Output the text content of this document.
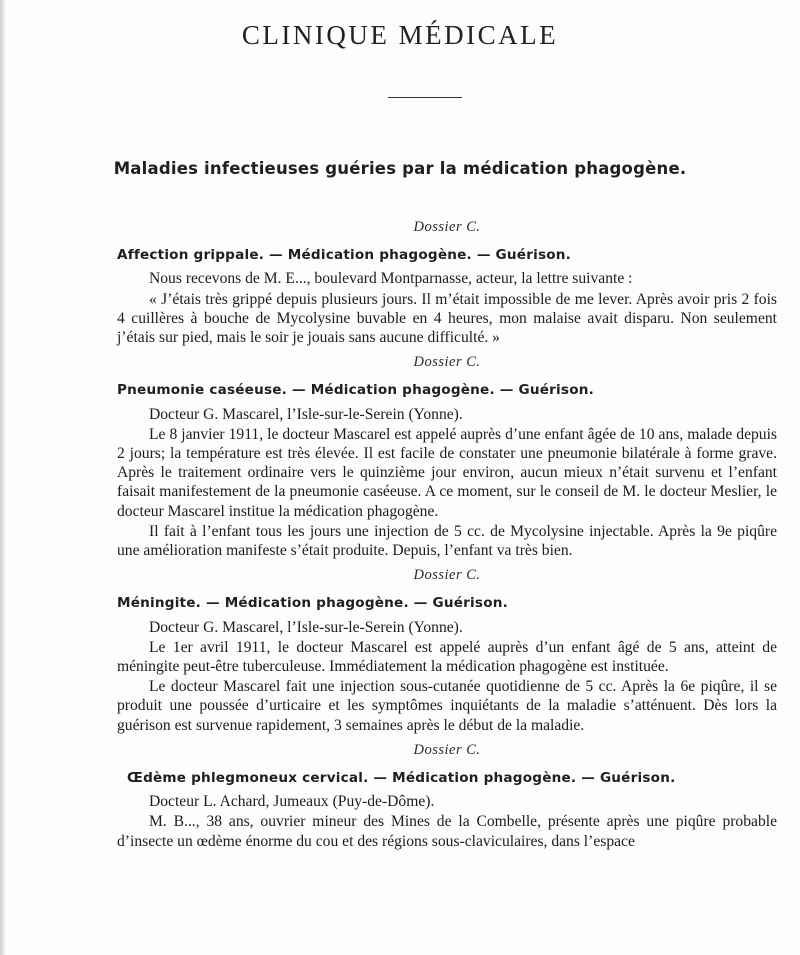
CLINIQUE MÉDICALE
Maladies infectieuses guéries par la médication phagogène.

Dossier C.

Affection grippale. — Médication phagogène. — Guérison.

Nous recevons de M. E..., boulevard Montparnasse, acteur, la lettre suivante :

« J’étais très grippé depuis plusieurs jours. Il m’était impossible de me lever. Après avoir pris 2 fois 4 cuillères à bouche de Mycolysine buvable en 4 heures, mon malaise avait disparu. Non seulement j’étais sur pied, mais le soir je jouais sans aucune difficulté. »

Dossier C.

Pneumonie caséeuse. — Médication phagogène. — Guérison.

Docteur G. Mascarel, l’Isle-sur-le-Serein (Yonne).

Le 8 janvier 1911, le docteur Mascarel est appelé auprès d’une enfant âgée de 10 ans, malade depuis 2 jours; la température est très élevée. Il est facile de constater une pneumonie bilatérale à forme grave. Après le traitement ordinaire vers le quinzième jour environ, aucun mieux n’était survenu et l’enfant faisait manifestement de la pneumonie caséeuse. A ce moment, sur le conseil de M. le docteur Meslier, le docteur Mascarel institue la médication phagogène.

Il fait à l’enfant tous les jours une injection de 5 cc. de Mycolysine injectable. Après la 9e piqûre une amélioration manifeste s’était produite. Depuis, l’enfant va très bien.

Dossier C.

Méningite. — Médication phagogène. — Guérison.

Docteur G. Mascarel, l’Isle-sur-le-Serein (Yonne).

Le 1er avril 1911, le docteur Mascarel est appelé auprès d’un enfant âgé de 5 ans, atteint de méningite peut-être tuberculeuse. Immédiatement la médication phagogène est instituée.

Le docteur Mascarel fait une injection sous-cutanée quotidienne de 5 cc. Après la 6e piqûre, il se produit une poussée d’urticaire et les symptômes inquiétants de la maladie s’atténuent. Dès lors la guérison est survenue rapidement, 3 semaines après le début de la maladie.

Dossier C.

Œdème phlegmoneux cervical. — Médication phagogène. — Guérison.

Docteur L. Achard, Jumeaux (Puy-de-Dôme).

M. B..., 38 ans, ouvrier mineur des Mines de la Combelle, présente après une piqûre probable d’insecte un œdème énorme du cou et des régions sous-claviculaires, dans l’espace
